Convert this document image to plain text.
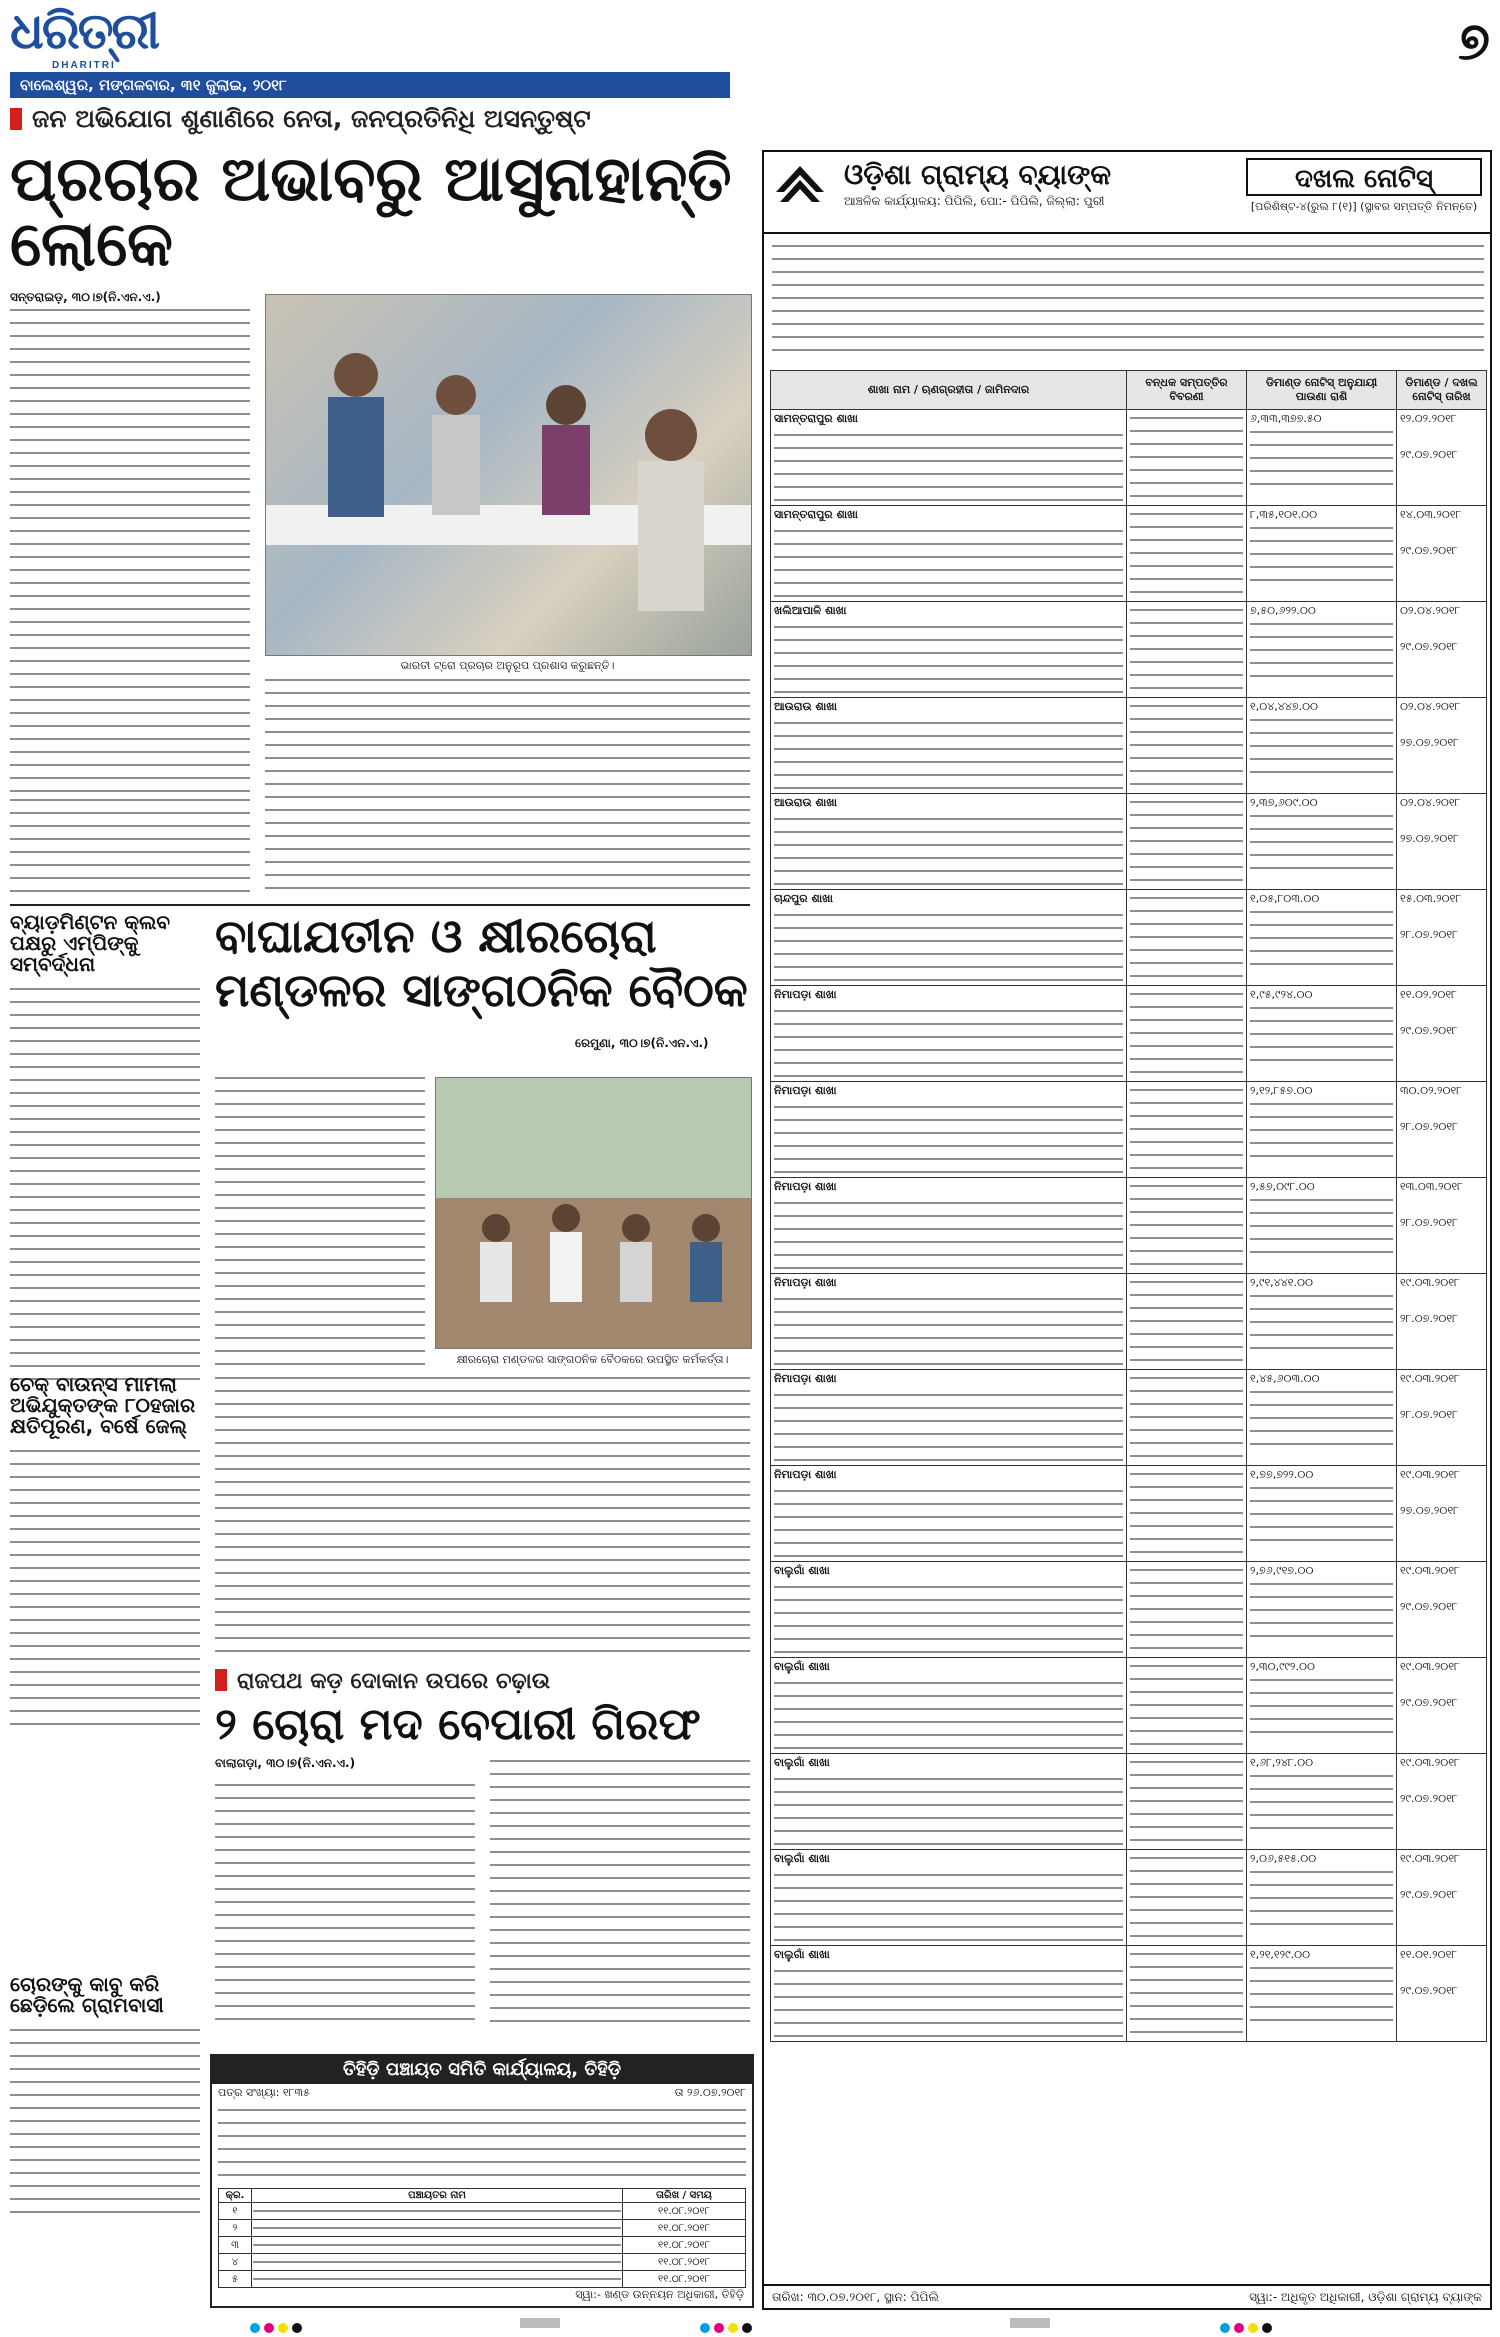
ଧରିତ୍ରୀ
DHARITRI
ବାଲେଶ୍ୱର, ମଙ୍ଗଳବାର, ୩୧ ଜୁଲାଇ, ୨୦୧୮
୭
ଜନ ଅଭିଯୋଗ ଶୁଣାଣିରେ ନେତା, ଜନପ୍ରତିନିଧି ଅସନ୍ତୁଷ୍ଟ
ପ୍ରଚାର ଅଭାବରୁ ଆସୁନାହାନ୍ତି ଲୋକେ
ସନ୍ତରାଇଡ଼, ୩୦।୭(ନି.ଏନ.ଏ.)
ଭାରତୀ ଟ୍ରୋ ପ୍ରଚାର ଅନୁରୂପ ପ୍ରଶାସ କରୁଛନ୍ତି।
ବ୍ୟାଡ଼ମିଣ୍ଟନ କ୍ଲବ ପକ୍ଷରୁ ଏମ୍ପିଙ୍କୁ ସମ୍ବର୍ଦ୍ଧନା
ବାଘାଯତୀନ ଓ କ୍ଷୀରଚୋରା
ମଣ୍ଡଳର ସାଙ୍ଗଠନିକ ବୈଠକ
ରେମୁଣା, ୩୦।୭(ନି.ଏନ.ଏ.)
କ୍ଷୀରଚୋରା ମଣ୍ଡଳର ସାଙ୍ଗଠନିକ ବୈଠକରେ ଉପସ୍ଥିତ କର୍ମକର୍ତ୍ତା।
ଚେକ୍ ବାଉନ୍ସ ମାମଲା ଅଭିଯୁକ୍ତଙ୍କ ୮୦ହଜାର କ୍ଷତିପୂରଣ, ବର୍ଷେ ଜେଲ୍
ରାଜପଥ କଡ଼ ଦୋକାନ ଉପରେ ଚଢ଼ାଉ
୨ ଚୋରା ମଦ ବେପାରୀ ଗିରଫ
ବାଲାଗଡ଼ା, ୩୦।୭(ନି.ଏନ.ଏ.)
ଚୋରଙ୍କୁ କାବୁ କରି ଛେଡ଼ିଲେ ଗ୍ରାମବାସୀ
ତିହିଡ଼ି ପଞ୍ଚାୟତ ସମିତି କାର୍ଯ୍ୟାଳୟ, ତିହିଡ଼ି
ପତ୍ର ସଂଖ୍ୟା: ୧୮୩୫	ତା ୨୬.୦୭.୨୦୧୮
କ୍ର.	ପଞ୍ଚାୟତର ନାମ	ତାରିଖ / ସମୟ
୧		୧୧.୦୮.୨୦୧୮
୨		୧୧.୦୮.୨୦୧୮
୩		୧୧.୦୮.୨୦୧୮
୪		୧୧.୦୮.୨୦୧୮
୫		୧୧.୦୮.୨୦୧୮
ସ୍ୱା:- ଖଣ୍ଡ ଉନ୍ନୟନ ଅଧିକାରୀ, ତିହିଡ଼ି
ଓଡ଼ିଶା ଗ୍ରାମ୍ୟ ବ୍ୟାଙ୍କ
ଆଞ୍ଚଳିକ କାର୍ଯ୍ୟାଳୟ: ପିପିଲି, ପୋ:- ପିପିଲି, ଜିଲ୍ଲା: ପୁରୀ
ଦଖଲ ନୋଟିସ୍
[ପରିଶିଷ୍ଟ-୪(ରୁଲ ୮(୧)] (ସ୍ଥାବର ସମ୍ପତ୍ତି ନିମନ୍ତେ)
ଶାଖା ନାମ / ଋଣଗ୍ରହୀତା / ଜାମିନଦାର	ବନ୍ଧକ ସମ୍ପତ୍ତିର ବିବରଣୀ	ଡିମାଣ୍ଡ ନୋଟିସ୍ ଅନୁଯାୟୀ ପାଉଣା ରାଶି	ଡିମାଣ୍ଡ / ଦଖଲ ନୋଟିସ୍ ତାରିଖ

ସାମନ୍ତରାପୁର ଶାଖା		୬,୩୩,୩୭୭.୫୦	୧୨.୦୨.୨୦୧୮
୨୯.୦୭.୨୦୧୮

ସାମନ୍ତରାପୁର ଶାଖା		୮,୩୫,୧୦୧.୦୦	୧୪.୦୩.୨୦୧୮
୨୯.୦୭.୨୦୧୮

ଖଲିଆପାଳି ଶାଖା		୭,୫୦,୬୨୨.୦୦	୦୨.୦୪.୨୦୧୮
୨୯.୦୭.୨୦୧୮

ଆଉରାଉ ଶାଖା		୧,୦୪,୪୪୭.୦୦	୦୨.୦୪.୨୦୧୮
୨୭.୦୭.୨୦୧୮

ଆଉରାଉ ଶାଖା		୨,୩୭,୬୦୯.୦୦	୦୨.୦୪.୨୦୧୮
୨୭.୦୭.୨୦୧୮

ଚାନ୍ଦପୁର ଶାଖା		୧,୦୫,୮୦୩.୦୦	୧୫.୦୩.୨୦୧୮
୨୮.୦୭.୨୦୧୮

ନିମାପଡ଼ା ଶାଖା		୧,୯୫,୯୨୪.୦୦	୧୧.୦୨.୨୦୧୮
୨୯.୦୭.୨୦୧୮

ନିମାପଡ଼ା ଶାଖା		୨,୧୨,୮୫୭.୦୦	୩୦.୦୨.୨୦୧୮
୨୮.୦୭.୨୦୧୮

ନିମାପଡ଼ା ଶାଖା		୨,୫୭,୦୯୮.୦୦	୧୩.୦୩.୨୦୧୮
୨୮.୦୭.୨୦୧୮

ନିମାପଡ଼ା ଶାଖା		୨,୯୧,୪୪୧.୦୦	୧୯.୦୩.୨୦୧୮
୨୮.୦୭.୨୦୧୮

ନିମାପଡ଼ା ଶାଖା		୧,୪୫,୬୦୩.୦୦	୧୯.୦୩.୨୦୧୮
୨୮.୦୭.୨୦୧୮

ନିମାପଡ଼ା ଶାଖା		୧,୭୭,୭୨୨.୦୦	୧୯.୦୩.୨୦୧୮
୨୭.୦୭.୨୦୧୮

ବାଲୁଗାଁ ଶାଖା		୨,୭୬,୯୧୭.୦୦	୧୯.୦୩.୨୦୧୮
୨୯.୦୭.୨୦୧୮

ବାଲୁଗାଁ ଶାଖା		୨,୩୦,୯୯୨.୦୦	୧୯.୦୩.୨୦୧୮
୨୯.୦୭.୨୦୧୮

ବାଲୁଗାଁ ଶାଖା		୧,୬୮,୨୪୮.୦୦	୧୯.୦୩.୨୦୧୮
୨୯.୦୭.୨୦୧୮

ବାଲୁଗାଁ ଶାଖା		୨,୦୬,୫୧୫.୦୦	୧୯.୦୩.୨୦୧୮
୨୯.୦୭.୨୦୧୮

ବାଲୁଗାଁ ଶାଖା		୧,୨୧,୧୨୯.୦୦	୧୧.୦୧.୨୦୧୮
୨୯.୦୭.୨୦୧୮
ତାରିଖ: ୩୦.୦୭.୨୦୧୮, ସ୍ଥାନ: ପିପିଲି	ସ୍ୱା:- ଅଧିକୃତ ଅଧିକାରୀ, ଓଡ଼ିଶା ଗ୍ରାମ୍ୟ ବ୍ୟାଙ୍କ
